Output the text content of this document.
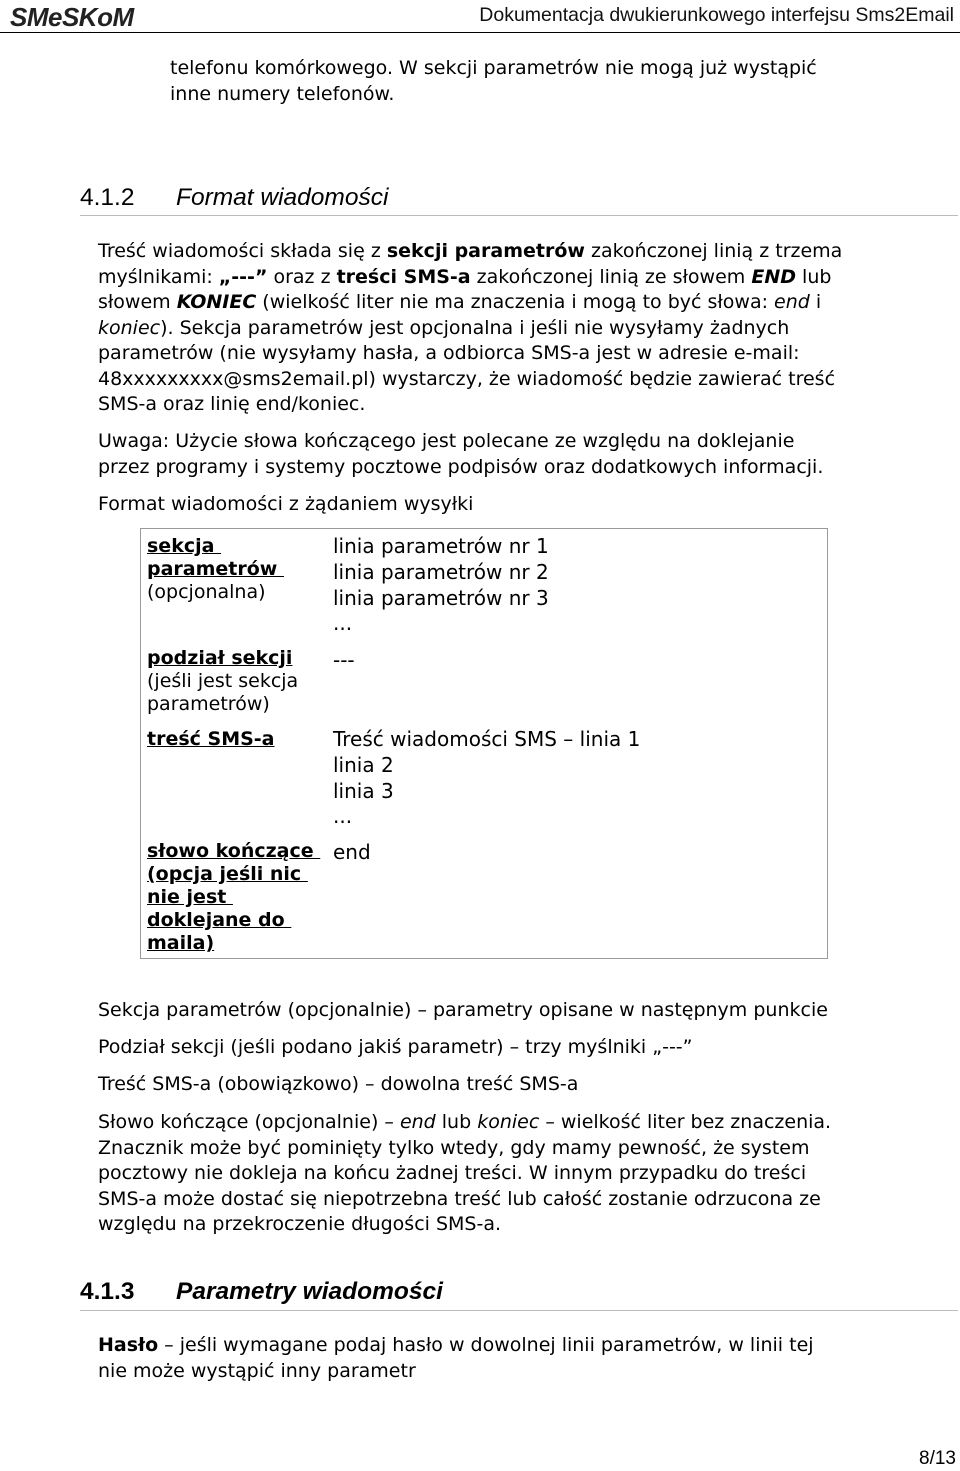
SMeSKoM	Dokumentacja dwukierunkowego interfejsu Sms2Email
telefonu komórkowego. W sekcji parametrów nie mogą już wystąpić
inne numery telefonów.
4.1.2 Format wiadomości
Treść wiadomości składa się z sekcji parametrów zakończonej linią z trzema
myślnikami: „---” oraz z treści SMS-a zakończonej linią ze słowem END lub
słowem KONIEC (wielkość liter nie ma znaczenia i mogą to być słowa: end i
koniec). Sekcja parametrów jest opcjonalna i jeśli nie wysyłamy żadnych
parametrów (nie wysyłamy hasła, a odbiorca SMS-a jest w adresie e-mail:
48xxxxxxxxx@sms2email.pl) wystarczy, że wiadomość będzie zawierać treść
SMS-a oraz linię end/koniec.
Uwaga: Użycie słowa kończącego jest polecane ze względu na doklejanie
przez programy i systemy pocztowe podpisów oraz dodatkowych informacji.
Format wiadomości z żądaniem wysyłki
sekcja
parametrów
(opcjonalna)
linia parametrów nr 1
linia parametrów nr 2
linia parametrów nr 3
...
podział sekcji
(jeśli jest sekcja
parametrów)
---
treść SMS-a	Treść wiadomości SMS – linia 1
linia 2
linia 3
...
słowo kończące
(opcja jeśli nic
nie jest
doklejane do
maila)
end
Sekcja parametrów (opcjonalnie) – parametry opisane w następnym punkcie
Podział sekcji (jeśli podano jakiś parametr) – trzy myślniki „---”
Treść SMS-a (obowiązkowo) – dowolna treść SMS-a
Słowo kończące (opcjonalnie) – end lub koniec – wielkość liter bez znaczenia.
Znacznik może być pominięty tylko wtedy, gdy mamy pewność, że system
pocztowy nie dokleja na końcu żadnej treści. W innym przypadku do treści
SMS-a może dostać się niepotrzebna treść lub całość zostanie odrzucona ze
względu na przekroczenie długości SMS-a.
4.1.3 Parametry wiadomości
Hasło – jeśli wymagane podaj hasło w dowolnej linii parametrów, w linii tej
nie może wystąpić inny parametr
8/13
